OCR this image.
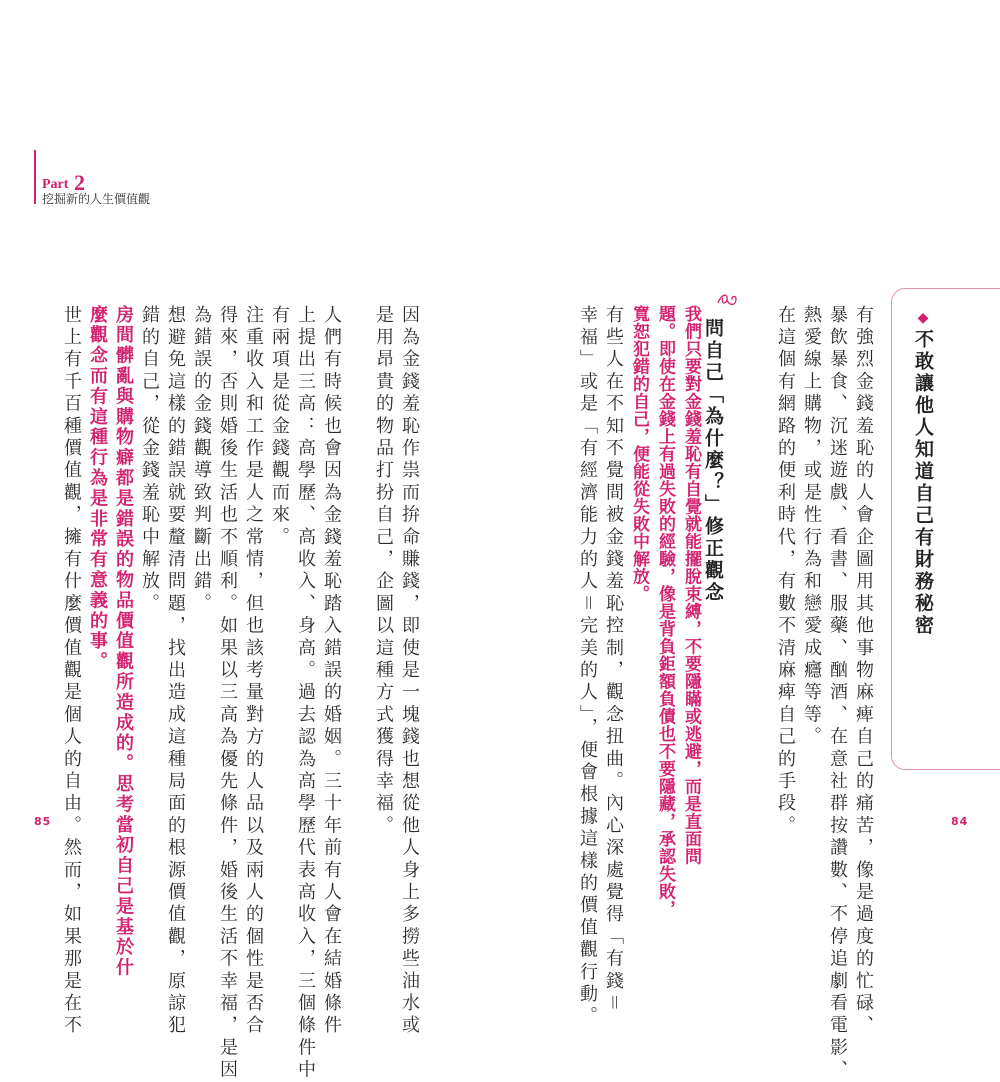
Part 2
挖掘新的人生價值觀
因為金錢羞恥作祟而拚命賺錢，即使是一塊錢也想從他人身上多撈些油水或
是用昂貴的物品打扮自己，企圖以這種方式獲得幸福。
人們有時候也會因為金錢羞恥踏入錯誤的婚姻。三十年前有人會在結婚條件
上提出三高：高學歷、高收入、身高。過去認為高學歷代表高收入，三個條件中
有兩項是從金錢觀而來。
注重收入和工作是人之常情，但也該考量對方的人品以及兩人的個性是否合
得來，否則婚後生活也不順利。如果以三高為優先條件，婚後生活不幸福，是因
為錯誤的金錢觀導致判斷出錯。
想避免這樣的錯誤就要釐清問題，找出造成這種局面的根源價值觀，原諒犯
錯的自己，從金錢羞恥中解放。
房間髒亂與購物癖都是錯誤的物品價值觀所造成的。思考當初自己是基於什
麼觀念而有這種行為是非常有意義的事。
世上有千百種價值觀，擁有什麼價值觀是個人的自由。然而，如果那是在不
85
◆不敢讓他人知道自己有財務秘密
有強烈金錢羞恥的人會企圖用其他事物麻痺自己的痛苦，像是過度的忙碌、
暴飲暴食、沉迷遊戲、看書、服藥、酗酒、在意社群按讚數、不停追劇看電影、
熱愛線上購物，或是性行為和戀愛成癮等等。
在這個有網路的便利時代，有數不清麻痺自己的手段。
問自己「為什麼？」修正觀念
我們只要對金錢羞恥有自覺就能擺脫束縛，不要隱瞞或逃避，而是直面問
題。即使在金錢上有過失敗的經驗，像是背負鉅額負債也不要隱藏，承認失敗，
寬恕犯錯的自己，便能從失敗中解放。
有些人在不知不覺間被金錢羞恥控制，觀念扭曲。內心深處覺得「有錢＝
幸福」或是「有經濟能力的人＝完美的人」，便會根據這樣的價值觀行動。	84
